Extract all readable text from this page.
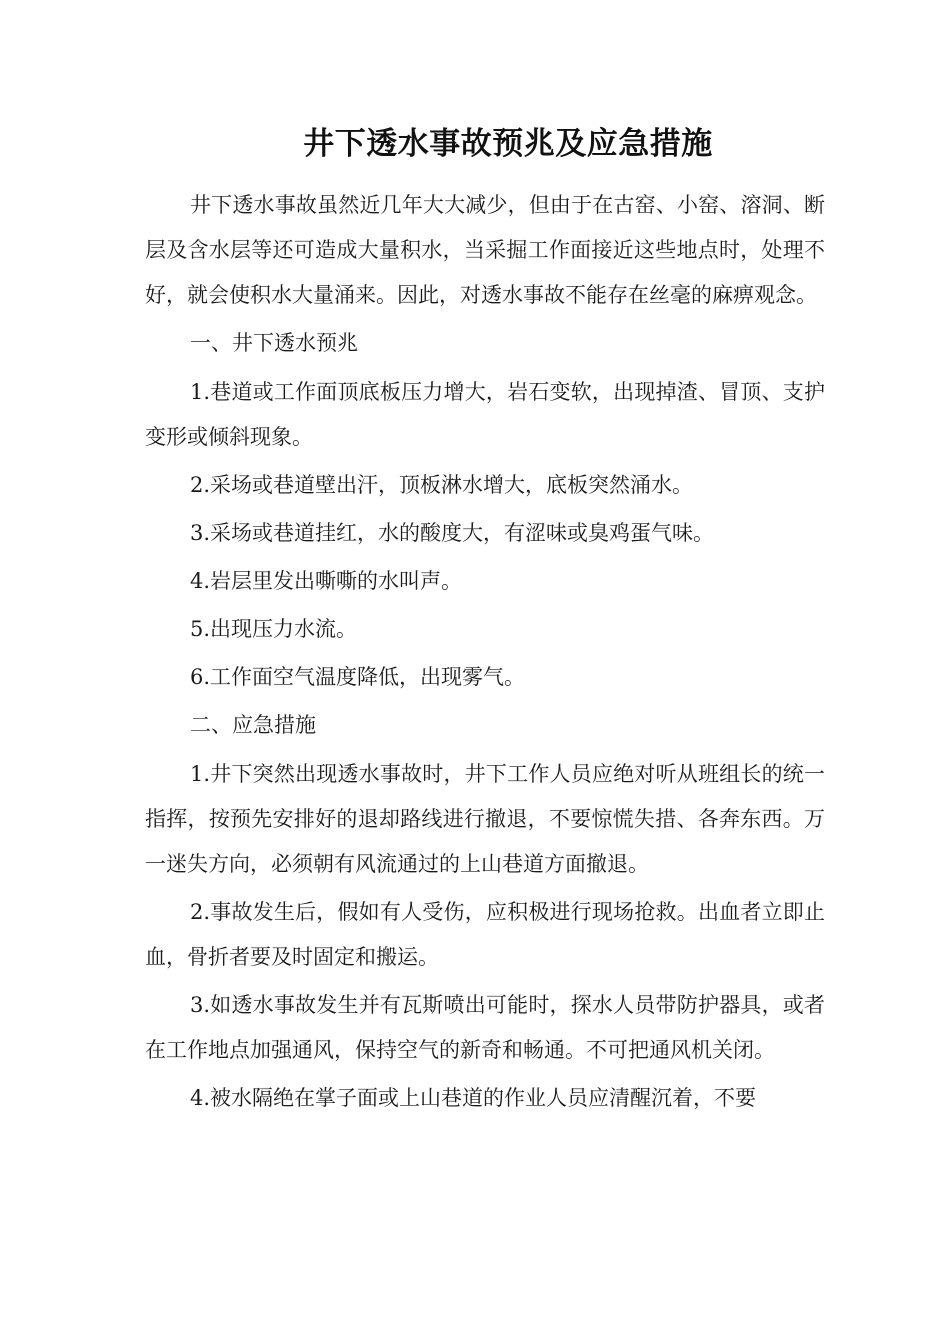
井下透水事故预兆及应急措施

井下透水事故虽然近几年大大减少，但由于在古窑、小窑、溶洞、断层及含水层等还可造成大量积水，当采掘工作面接近这些地点时，处理不好，就会使积水大量涌来。因此，对透水事故不能存在丝毫的麻痹观念。

一、井下透水预兆

1.巷道或工作面顶底板压力增大，岩石变软，出现掉渣、冒顶、支护变形或倾斜现象。

2.采场或巷道壁出汗，顶板淋水增大，底板突然涌水。

3.采场或巷道挂红，水的酸度大，有涩味或臭鸡蛋气味。

4.岩层里发出嘶嘶的水叫声。

5.出现压力水流。

6.工作面空气温度降低，出现雾气。

二、应急措施

1.井下突然出现透水事故时，井下工作人员应绝对听从班组长的统一指挥，按预先安排好的退却路线进行撤退，不要惊慌失措、各奔东西。万一迷失方向，必须朝有风流通过的上山巷道方面撤退。

2.事故发生后，假如有人受伤，应积极进行现场抢救。出血者立即止血，骨折者要及时固定和搬运。

3.如透水事故发生并有瓦斯喷出可能时，探水人员带防护器具，或者在工作地点加强通风，保持空气的新奇和畅通。不可把通风机关闭。

4.被水隔绝在掌子面或上山巷道的作业人员应清醒沉着，不要
